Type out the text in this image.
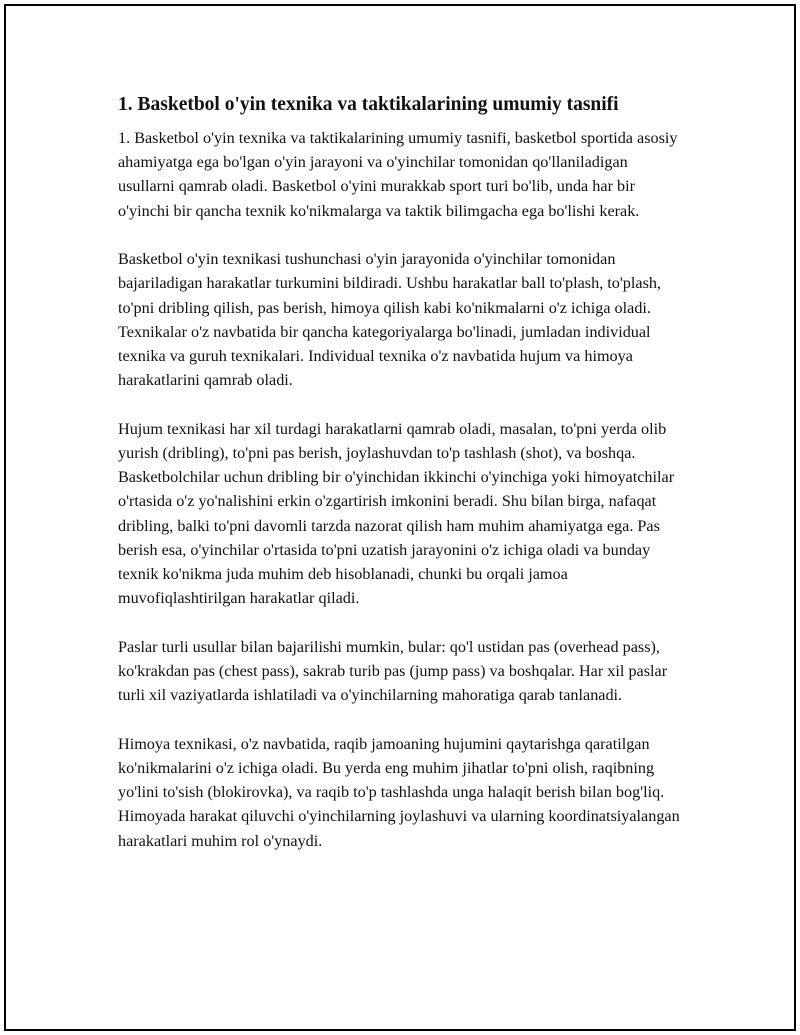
1. Basketbol o'yin texnika va taktikalarining umumiy tasnifi

1. Basketbol o'yin texnika va taktikalarining umumiy tasnifi, basketbol sportida asosiy ahamiyatga ega bo'lgan o'yin jarayoni va o'yinchilar tomonidan qo'llaniladigan usullarni qamrab oladi. Basketbol o'yini murakkab sport turi bo'lib, unda har bir o'yinchi bir qancha texnik ko'nikmalarga va taktik bilimgacha ega bo'lishi kerak.

Basketbol o'yin texnikasi tushunchasi o'yin jarayonida o'yinchilar tomonidan bajariladigan harakatlar turkumini bildiradi. Ushbu harakatlar ball to'plash, to'plash, to'pni dribling qilish, pas berish, himoya qilish kabi ko'nikmalarni o'z ichiga oladi. Texnikalar o'z navbatida bir qancha kategoriyalarga bo'linadi, jumladan individual texnika va guruh texnikalari. Individual texnika o'z navbatida hujum va himoya harakatlarini qamrab oladi.

Hujum texnikasi har xil turdagi harakatlarni qamrab oladi, masalan, to'pni yerda olib yurish (dribling), to'pni pas berish, joylashuvdan to'p tashlash (shot), va boshqa. Basketbolchilar uchun dribling bir o'yinchidan ikkinchi o'yinchiga yoki himoyatchilar o'rtasida o'z yo'nalishini erkin o'zgartirish imkonini beradi. Shu bilan birga, nafaqat dribling, balki to'pni davomli tarzda nazorat qilish ham muhim ahamiyatga ega. Pas berish esa, o'yinchilar o'rtasida to'pni uzatish jarayonini o'z ichiga oladi va bunday texnik ko'nikma juda muhim deb hisoblanadi, chunki bu orqali jamoa muvofiqlashtirilgan harakatlar qiladi.

Paslar turli usullar bilan bajarilishi mumkin, bular: qo'l ustidan pas (overhead pass), ko'krakdan pas (chest pass), sakrab turib pas (jump pass) va boshqalar. Har xil paslar turli xil vaziyatlarda ishlatiladi va o'yinchilarning mahoratiga qarab tanlanadi.

Himoya texnikasi, o'z navbatida, raqib jamoaning hujumini qaytarishga qaratilgan ko'nikmalarini o'z ichiga oladi. Bu yerda eng muhim jihatlar to'pni olish, raqibning yo'lini to'sish (blokirovka), va raqib to'p tashlashda unga halaqit berish bilan bog'liq. Himoyada harakat qiluvchi o'yinchilarning joylashuvi va ularning koordinatsiyalangan harakatlari muhim rol o'ynaydi.
